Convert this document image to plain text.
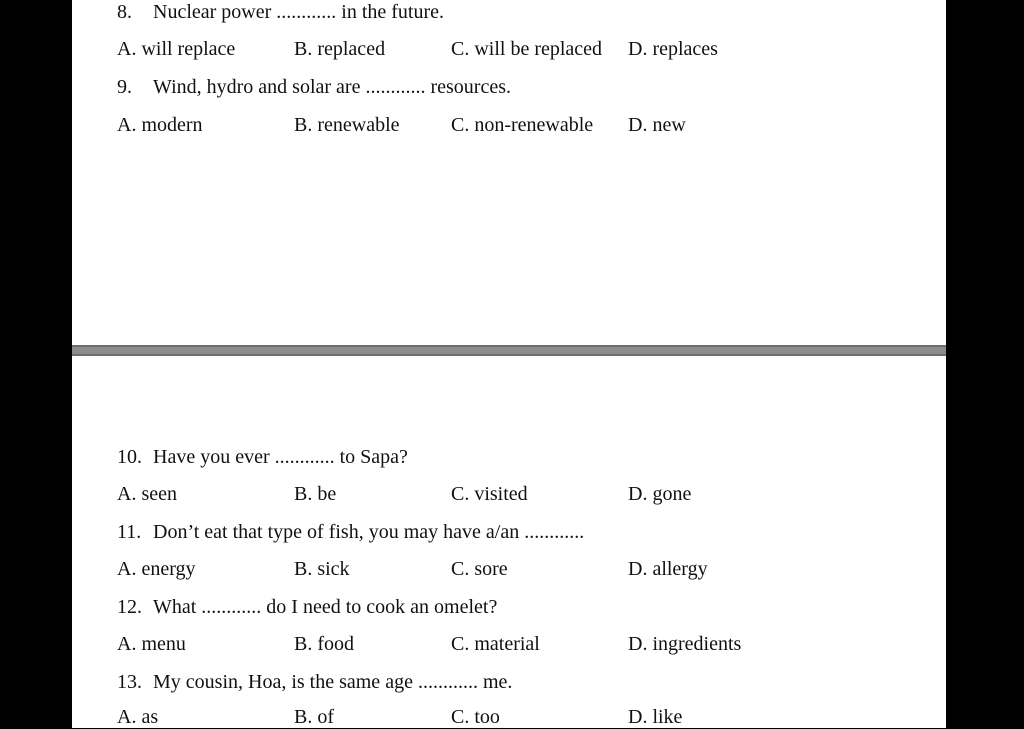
8. Nuclear power ............ in the future.
A. will replace	B. replaced	C. will be replaced D. replaces
9. Wind, hydro and solar are ............ resources.
A. modern	B. renewable	C. non-renewable D. new
10. Have you ever ............ to Sapa?
A. seen	B. be	C. visited	D. gone
11. Don’t eat that type of fish, you may have a/an ............
A. energy	B. sick	C. sore	D. allergy
12. What ............ do I need to cook an omelet?
A. menu	B. food	C. material	D. ingredients
13. My cousin, Hoa, is the same age ............ me.
A. as	B. of	C. too	D. like
